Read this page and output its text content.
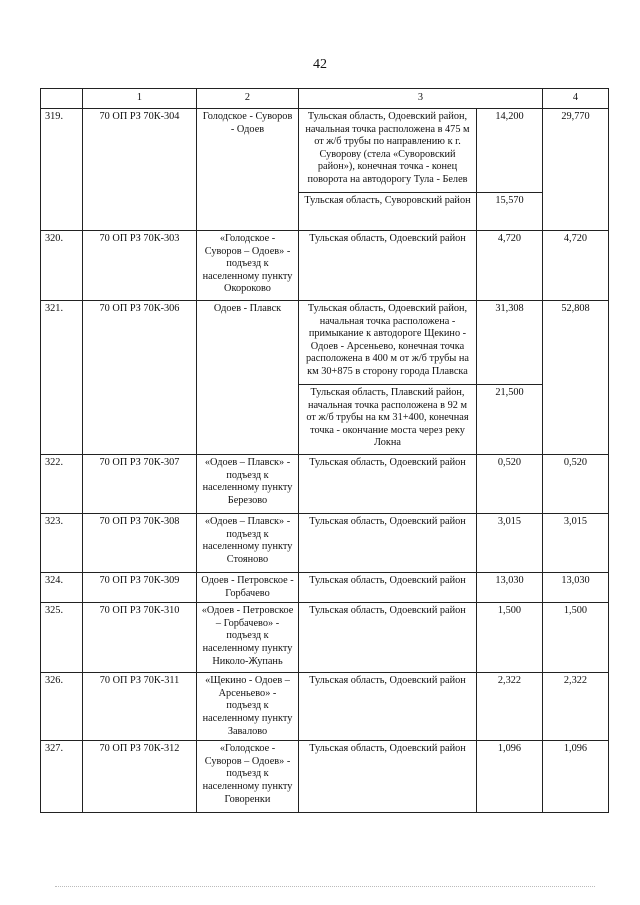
42
	1	2	3		4
319.	70 ОП РЗ 70К-304	Голодское - Суворов - Одоев	Тульская область, Одоевский район, начальная точка расположена в 475 м от ж/б трубы по направлению к г. Суворову (стела «Суворовский район»), конечная точка - конец поворота на автодорогу Тула - Белев	14,200	29,770
			Тульская область, Суворовский район	15,570	
320.	70 ОП РЗ 70К-303	«Голодское - Суворов – Одоев» - подъезд к населенному пункту Окороково	Тульская область, Одоевский район	4,720	4,720
321.	70 ОП РЗ 70К-306	Одоев - Плавск	Тульская область, Одоевский район, начальная точка расположена - примыкание к автодороге Щекино - Одоев - Арсеньево, конечная точка расположена в 400 м от ж/б трубы на км 30+875 в сторону города Плавска	31,308	52,808
			Тульская область, Плавский район, начальная точка расположена в 92 м от ж/б трубы на км 31+400, конечная точка - окончание моста через реку Локна	21,500	
322.	70 ОП РЗ 70К-307	«Одоев – Плавск» - подъезд к населенному пункту Березово	Тульская область, Одоевский район	0,520	0,520
323.	70 ОП РЗ 70К-308	«Одоев – Плавск» - подъезд к населенному пункту Стояново	Тульская область, Одоевский район	3,015	3,015
324.	70 ОП РЗ 70К-309	Одоев - Петровское - Горбачево	Тульская область, Одоевский район	13,030	13,030
325.	70 ОП РЗ 70К-310	«Одоев - Петровское – Горбачево» - подъезд к населенному пункту Николо-Жупань	Тульская область, Одоевский район	1,500	1,500
326.	70 ОП РЗ 70К-311	«Щекино - Одоев – Арсеньево» - подъезд к населенному пункту Завалово	Тульская область, Одоевский район	2,322	2,322
327.	70 ОП РЗ 70К-312	«Голодское - Суворов – Одоев» - подъезд к населенному пункту Говоренки	Тульская область, Одоевский район	1,096	1,096
